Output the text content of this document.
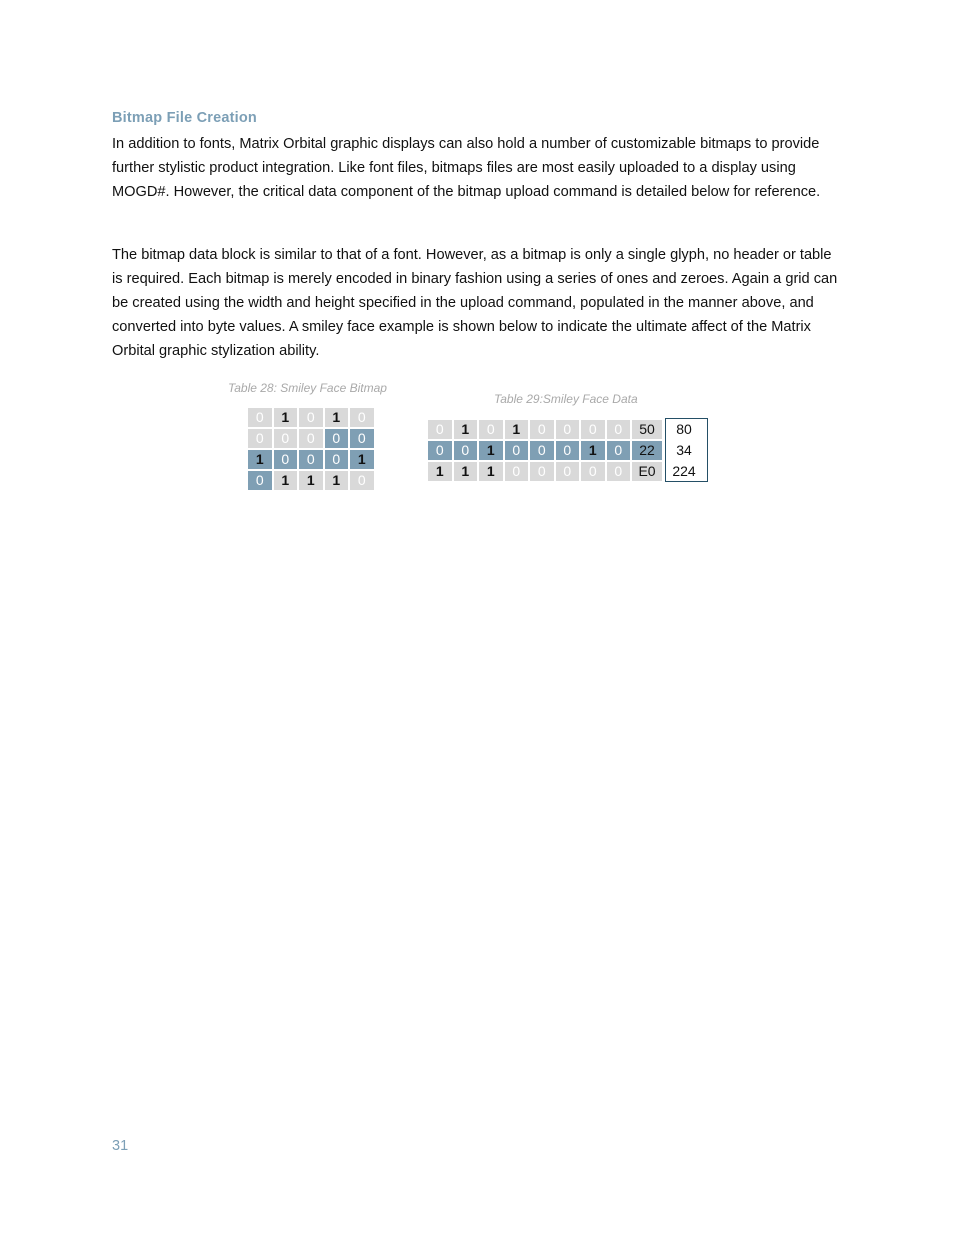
Bitmap File Creation

In addition to fonts, Matrix Orbital graphic displays can also hold a number of customizable bitmaps to provide further stylistic product integration. Like font files, bitmaps files are most easily uploaded to a display using MOGD#. However, the critical data component of the bitmap upload command is detailed below for reference.

The bitmap data block is similar to that of a font. However, as a bitmap is only a single glyph, no header or table is required. Each bitmap is merely encoded in binary fashion using a series of ones and zeroes. Again a grid can be created using the width and height specified in the upload command, populated in the manner above, and converted into byte values. A smiley face example is shown below to indicate the ultimate affect of the Matrix Orbital graphic stylization ability.

Table 28: Smiley Face Bitmap
0	1	0	1	0
0	0	0	0	0
1	0	0	0	1
0	1	1	1	0
Table 29:Smiley Face Data
0	1	0	1	0	0	0	0	50	80
0	0	1	0	0	0	1	0	22	34
1	1	1	0	0	0	0	0	E0	224
31
